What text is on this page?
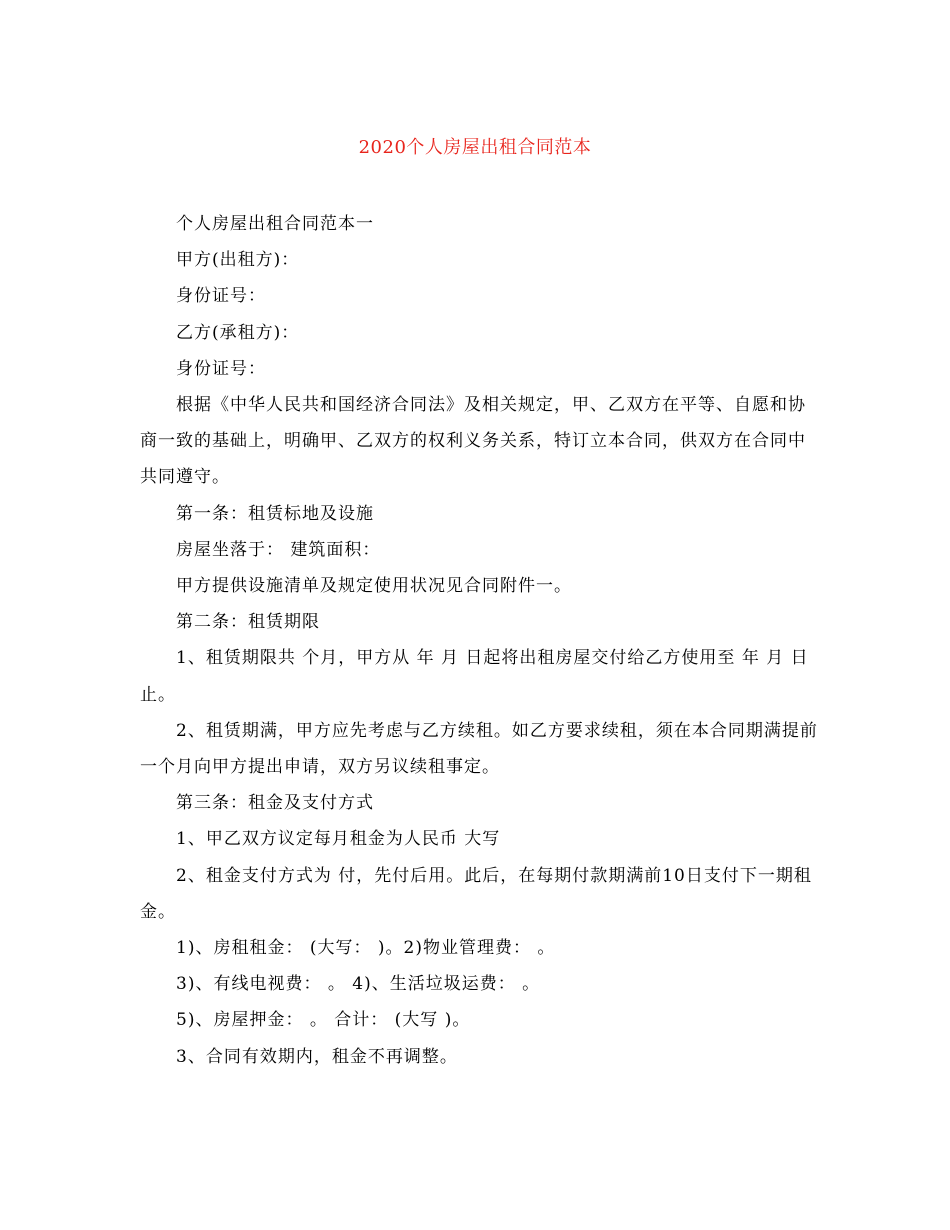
2020个人房屋出租合同范本

个人房屋出租合同范本一

甲方(出租方)：

身份证号：

乙方(承租方)：

身份证号：

根据《中华人民共和国经济合同法》及相关规定，甲、乙双方在平等、自愿和协商一致的基础上，明确甲、乙双方的权利义务关系，特订立本合同，供双方在合同中共同遵守。

第一条：租赁标地及设施

房屋坐落于： 建筑面积：

甲方提供设施清单及规定使用状况见合同附件一。

第二条：租赁期限

1、租赁期限共 个月，甲方从 年 月 日起将出租房屋交付给乙方使用至 年 月 日止。

2、租赁期满，甲方应先考虑与乙方续租。如乙方要求续租，须在本合同期满提前一个月向甲方提出申请，双方另议续租事定。

第三条：租金及支付方式

1、甲乙双方议定每月租金为人民币 大写

2、租金支付方式为 付，先付后用。此后，在每期付款期满前10日支付下一期租金。

1)、房租租金： (大写： )。2)物业管理费： 。

3)、有线电视费： 。 4)、生活垃圾运费： 。

5)、房屋押金： 。 合计： (大写 )。

3、合同有效期内，租金不再调整。
